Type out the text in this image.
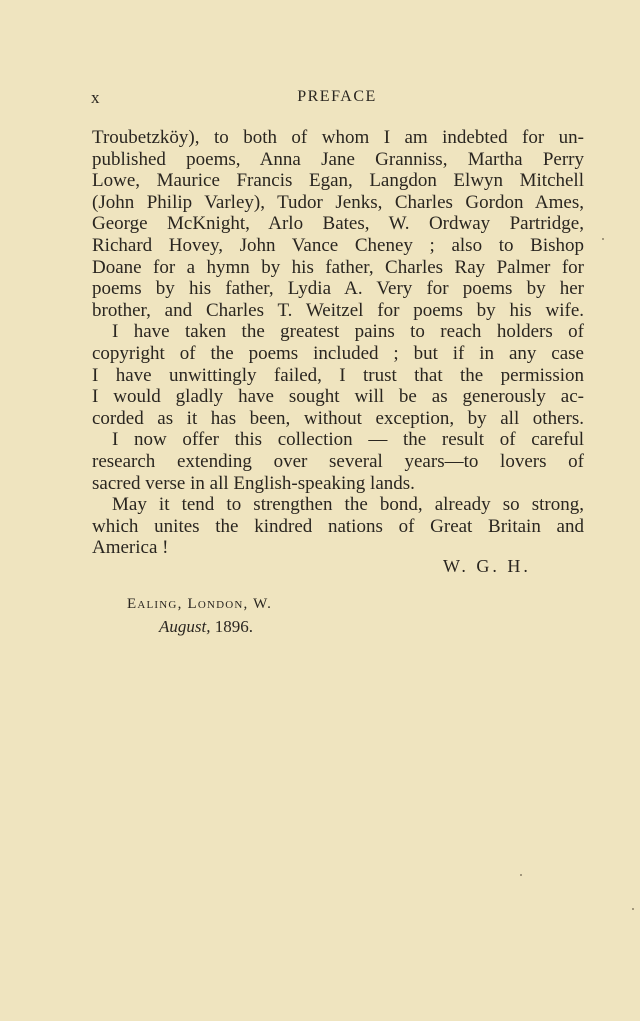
x	PREFACE
Troubetzköy), to both of whom I am indebted for un-
published poems, Anna Jane Granniss, Martha Perry
Lowe, Maurice Francis Egan, Langdon Elwyn Mitchell
(John Philip Varley), Tudor Jenks, Charles Gordon Ames,
George McKnight, Arlo Bates, W. Ordway Partridge,
Richard Hovey, John Vance Cheney ; also to Bishop
Doane for a hymn by his father, Charles Ray Palmer for
poems by his father, Lydia A. Very for poems by her
brother, and Charles T. Weitzel for poems by his wife.
I have taken the greatest pains to reach holders of
copyright of the poems included ; but if in any case
I have unwittingly failed, I trust that the permission
I would gladly have sought will be as generously ac-
corded as it has been, without exception, by all others.
I now offer this collection — the result of careful
research extending over several years—to lovers of
sacred verse in all English-speaking lands.
May it tend to strengthen the bond, already so strong,
which unites the kindred nations of Great Britain and
America !
W. G. H.
Ealing, London, W.
August, 1896.
